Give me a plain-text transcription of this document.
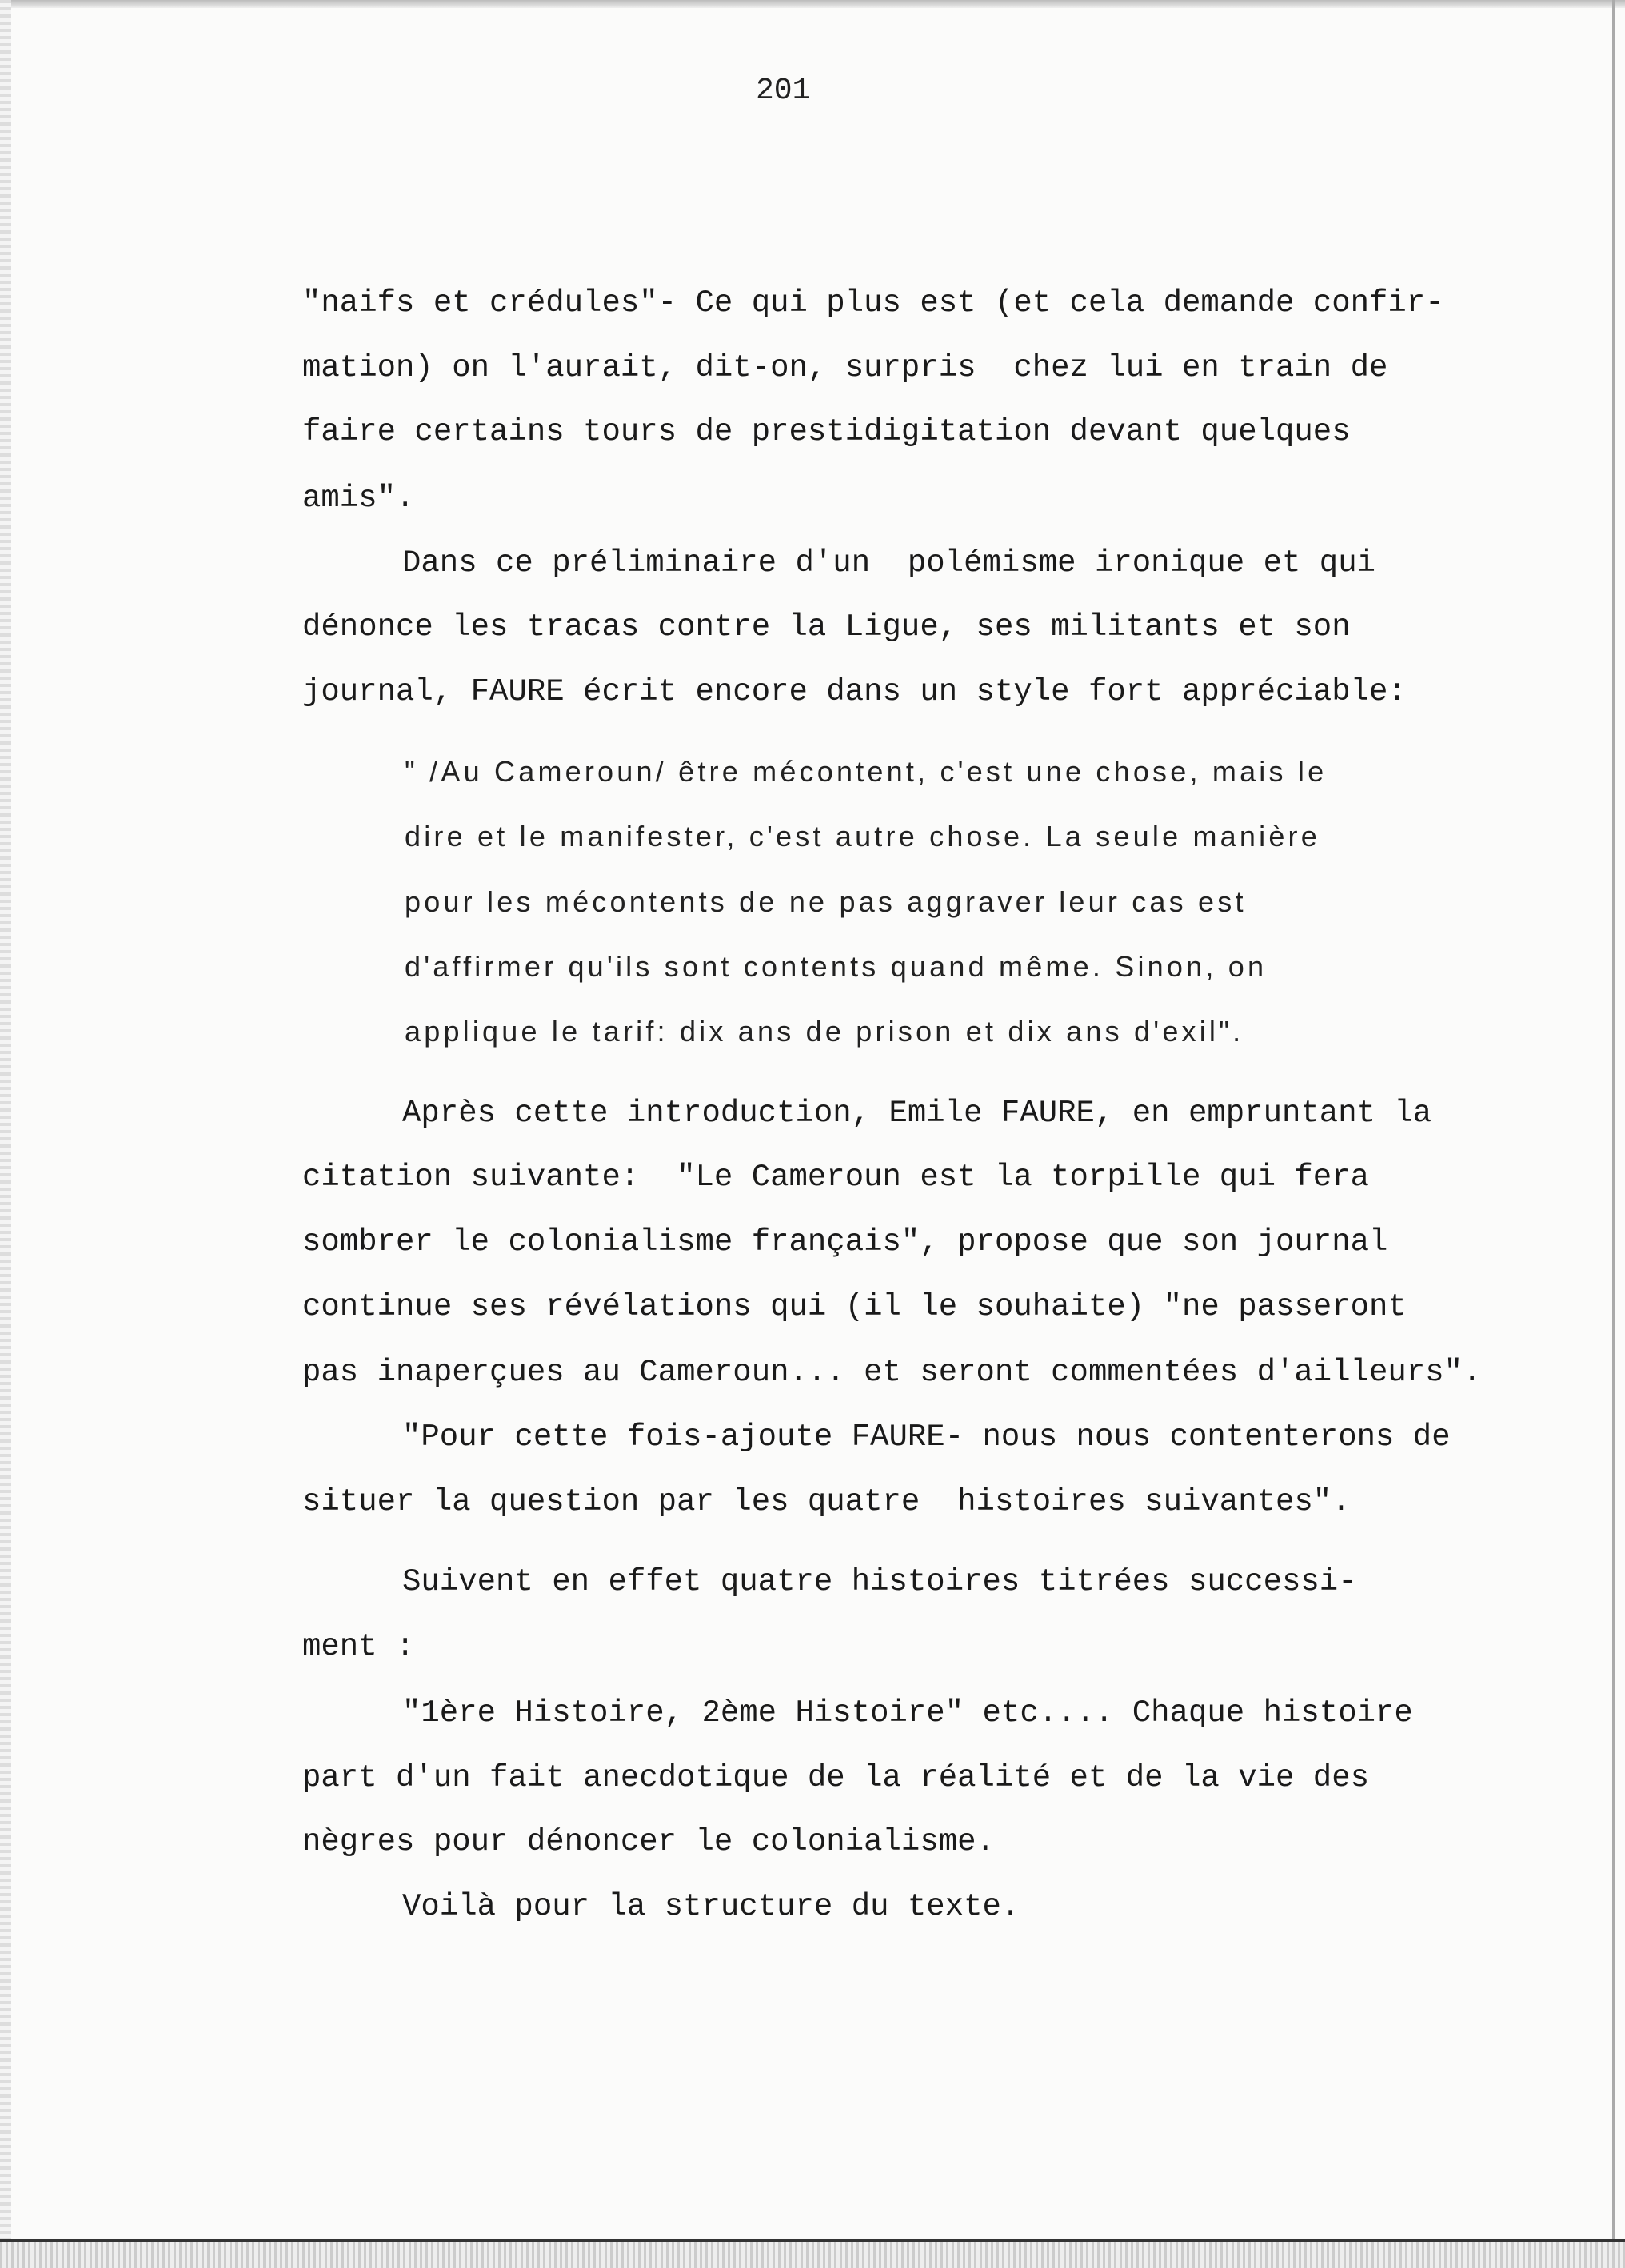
201
"naifs et crédules"- Ce qui plus est (et cela demande confir-
mation) on l'aurait, dit-on, surpris  chez lui en train de
faire certains tours de prestidigitation devant quelques
amis".
Dans ce préliminaire d'un  polémisme ironique et qui
dénonce les tracas contre la Ligue, ses militants et son
journal, FAURE écrit encore dans un style fort appréciable:
" /Au Cameroun/ être mécontent, c'est une chose, mais le
dire et le manifester, c'est autre chose. La seule manière
pour les mécontents de ne pas aggraver leur cas est
d'affirmer qu'ils sont contents quand même. Sinon, on
applique le tarif: dix ans de prison et dix ans d'exil".
Après cette introduction, Emile FAURE, en empruntant la
citation suivante:  "Le Cameroun est la torpille qui fera
sombrer le colonialisme français", propose que son journal
continue ses révélations qui (il le souhaite) "ne passeront
pas inaperçues au Cameroun... et seront commentées d'ailleurs".
"Pour cette fois-ajoute FAURE- nous nous contenterons de
situer la question par les quatre  histoires suivantes".
Suivent en effet quatre histoires titrées successi-
ment :
"1ère Histoire, 2ème Histoire" etc.... Chaque histoire
part d'un fait anecdotique de la réalité et de la vie des
nègres pour dénoncer le colonialisme.
Voilà pour la structure du texte.
